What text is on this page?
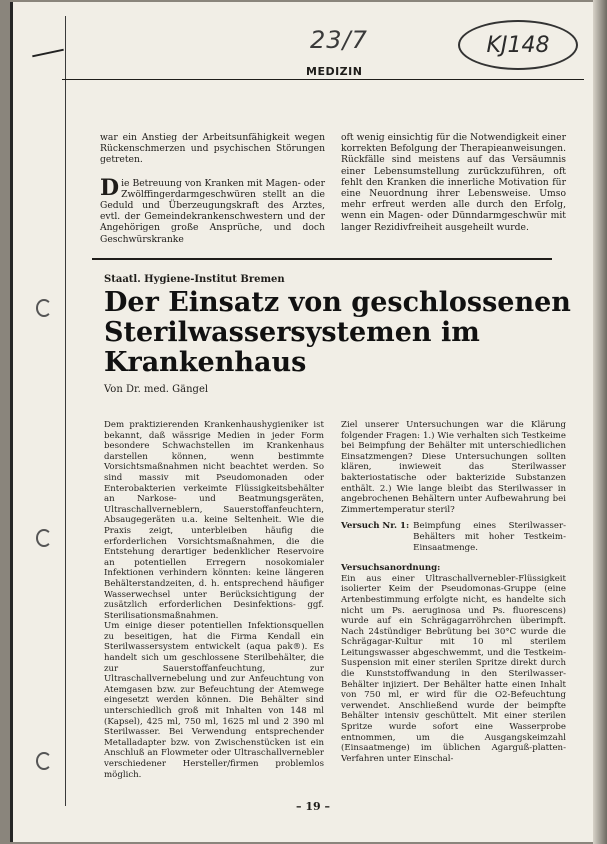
23/7	KJ148
MEDIZIN

war ein Anstieg der Arbeitsunfähigkeit wegen Rückenschmerzen und psychischen Störungen getreten.

Die Betreuung von Kranken mit Magen- oder Zwölffingerdarmgeschwüren stellt an die Geduld und Überzeugungskraft des Arztes, evtl. der Gemeindekrankenschwestern und der Angehörigen große Ansprüche, und doch Geschwürskranke

oft wenig einsichtig für die Notwendigkeit einer korrekten Befolgung der Therapieanweisungen. Rückfälle sind meistens auf das Versäumnis einer Lebensumstellung zurückzuführen, oft fehlt den Kranken die innerliche Motivation für eine Neuordnung ihrer Lebensweise. Umso mehr erfreut werden alle durch den Erfolg, wenn ein Magen- oder Dünndarmgeschwür mit langer Rezidivfreiheit ausgeheilt wurde.

Staatl. Hygiene-Institut Bremen
Der Einsatz von geschlossenen Sterilwassersystemen im Krankenhaus
Von Dr. med. Gängel

Dem praktizierenden Krankenhaushygieniker ist bekannt, daß wässrige Medien in jeder Form besondere Schwachstellen im Krankenhaus darstellen können, wenn bestimmte Vorsichtsmaßnahmen nicht beachtet werden. So sind massiv mit Pseudomonaden oder Enterobakterien verkeimte Flüssigkeitsbehälter an Narkose- und Beatmungsgeräten, Ultraschallverneblern, Sauerstoffanfeuchtern, Absaugegeräten u.a. keine Seltenheit. Wie die Praxis zeigt, unterbleiben häufig die erforderlichen Vorsichtsmaßnahmen, die die Entstehung derartiger bedenklicher Reservoire an potentiellen Erregern nosokomialer Infektionen verhindern könnten: keine längeren Behälterstandzeiten, d. h. entsprechend häufiger Wasserwechsel unter Berücksichtigung der zusätzlich erforderlichen Desinfektions- ggf. Sterilisationsmaßnahmen.

Um einige dieser potentiellen Infektionsquellen zu beseitigen, hat die Firma Kendall ein Sterilwassersystem entwickelt (aqua pak®). Es handelt sich um geschlossene Sterilbehälter, die zur Sauerstoffanfeuchtung, zur Ultraschallvernebelung und zur Anfeuchtung von Atemgasen bzw. zur Befeuchtung der Atemwege eingesetzt werden können. Die Behälter sind unterschiedlich groß mit Inhalten von 148 ml (Kapsel), 425 ml, 750 ml, 1625 ml und 2 390 ml Sterilwasser. Bei Verwendung entsprechender Metalladapter bzw. von Zwischenstücken ist ein Anschluß an Flowmeter oder Ultraschallvernebler verschiedener Hersteller/firmen problemlos möglich.

Ziel unserer Untersuchungen war die Klärung folgender Fragen: 1.) Wie verhalten sich Testkeime bei Beimpfung der Behälter mit unterschiedlichen Einsatzmengen? Diese Untersuchungen sollten klären, inwieweit das Sterilwasser bakteriostatische oder bakterizide Substanzen enthält. 2.) Wie lange bleibt das Sterilwasser in angebrochenen Behältern unter Aufbewahrung bei Zimmertemperatur steril?

Versuch Nr. 1: Beimpfung eines Sterilwasser-Behälters mit hoher Testkeim-Einsaatmenge.
Versuchsanordnung:

Ein aus einer Ultraschallvernebler-Flüssigkeit isolierter Keim der Pseudomonas-Gruppe (eine Artenbestimmung erfolgte nicht, es handelte sich nicht um Ps. aeruginosa und Ps. fluorescens) wurde auf ein Schrägagarröhrchen überimpft. Nach 24stündiger Bebrütung bei 30°C wurde die Schrägagar-Kultur mit 10 ml sterilem Leitungswasser abgeschwemmt, und die Testkeim-Suspension mit einer sterilen Spritze direkt durch die Kunststoffwandung in den Sterilwasser-Behälter injiziert. Der Behälter hatte einen Inhalt von 750 ml, er wird für die O2-Befeuchtung verwendet. Anschließend wurde der beimpfte Behälter intensiv geschüttelt. Mit einer sterilen Spritze wurde sofort eine Wasserprobe entnommen, um die Ausgangskeimzahl (Einsaatmenge) im üblichen Agarguß-platten-Verfahren unter Einschal-

– 19 –
